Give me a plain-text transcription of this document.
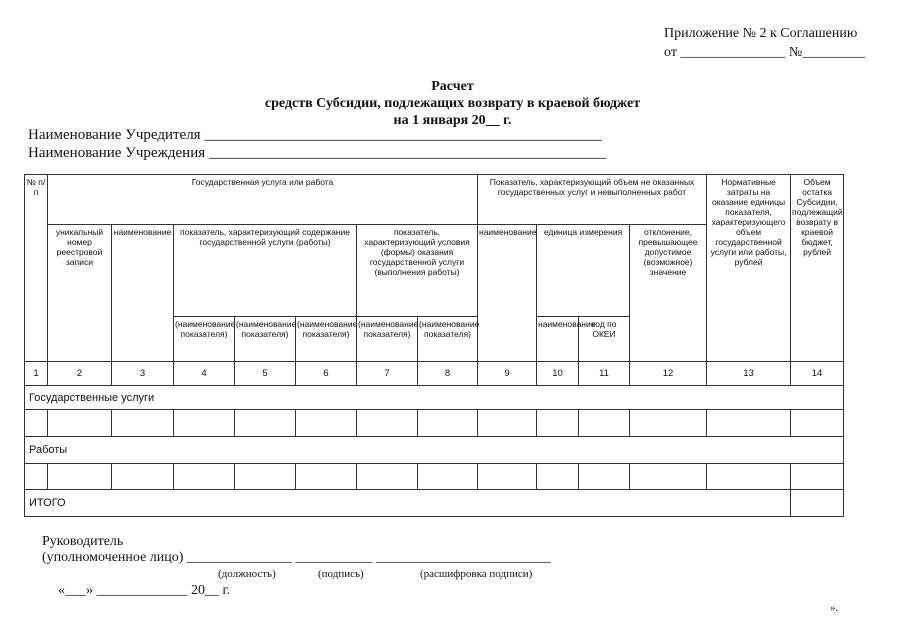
Приложение № 2 к Соглашению
от _______________ №_________
Расчет
средств Субсидии, подлежащих возврату в краевой бюджет
на 1 января 20__ г.
Наименование Учредителя _____________________________________________________
Наименование Учреждения _____________________________________________________
№ п/п	Государственная услуга или работа							Показатель, характеризующий объем не оказанных государственных услуг и невыполненных работ				Нормативные затраты на оказание единицы показателя, характеризующего объем государственной услуги или работы, рублей	Объем остатка Субсидии, подлежащий возврату в краевой бюджет, рублей
	уникальный номер реестровой записи	наименование	показатель, характеризующий содержание государственной услуги (работы)			показатель, характеризующий условия (формы) оказания государственной услуги (выполнения работы)		наименование	единица измерения		отклонение, превышающее допустимое (возможное) значение		
			(наименование показателя)	(наименование показателя)	(наименование показателя)	(наименование показателя)	(наименование показателя)		наименование	код по ОКЕИ			
1	2	3	4	5	6	7	8	9	10	11	12	13	14
Государственные услуги													

Работы													

ИТОГО													
Руководитель
(уполномоченное лицо) _______________ ___________ _________________________
(должность)	(подпись)	(расшифровка подписи)
«___» _____________ 20__ г.
».
